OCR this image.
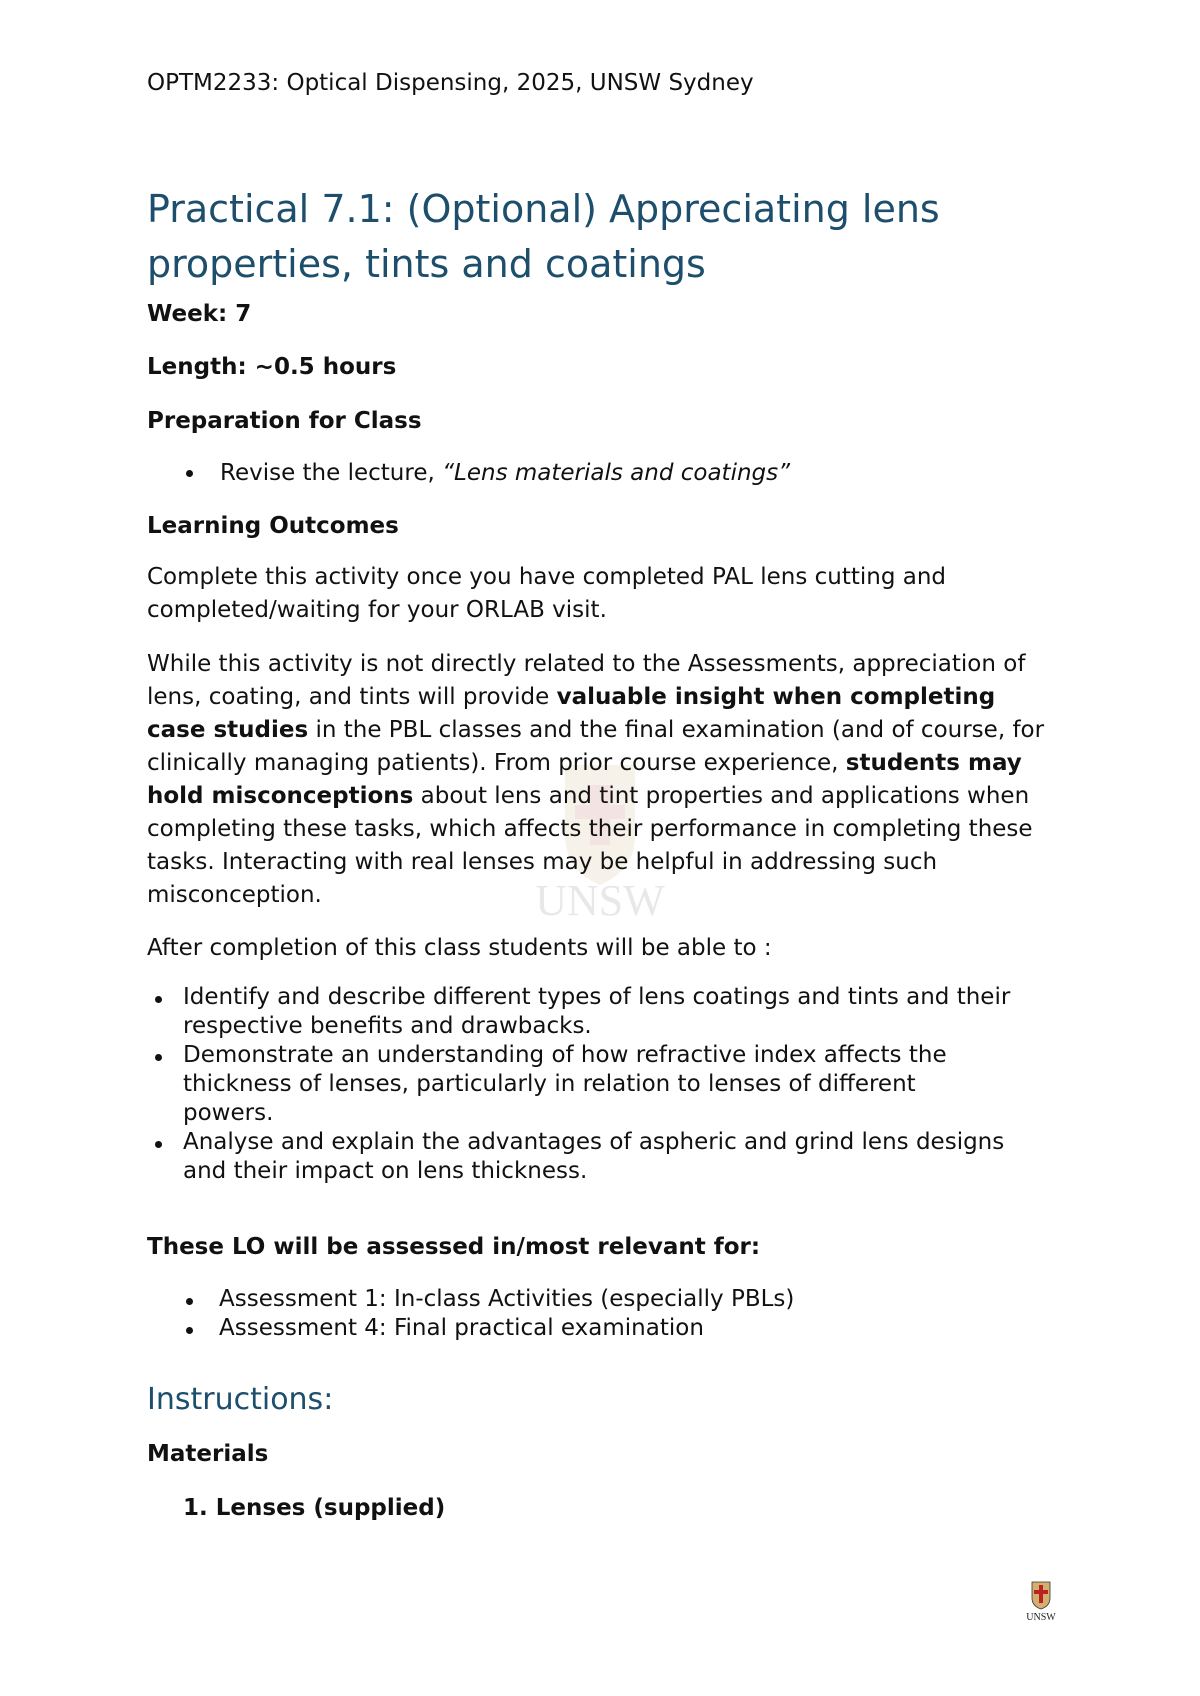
UNSW
OPTM2233: Optical Dispensing, 2025, UNSW Sydney
Practical 7.1: (Optional) Appreciating lens
properties, tints and coatings
Week: 7
Length: ~0.5 hours
Preparation for Class
Revise the lecture, “Lens materials and coatings”
Learning Outcomes

Complete this activity once you have completed PAL lens cutting and completed/waiting for your ORLAB visit.

While this activity is not directly related to the Assessments, appreciation of lens, coating, and tints will provide valuable insight when completing case studies in the PBL classes and the final examination (and of course, for clinically managing patients). From prior course experience, students may hold misconceptions about lens and tint properties and applications when completing these tasks, which affects their performance in completing these tasks. Interacting with real lenses may be helpful in addressing such misconception.

After completion of this class students will be able to :
Identify and describe different types of lens coatings and tints and their
respective benefits and drawbacks.
Demonstrate an understanding of how refractive index affects the
thickness of lenses, particularly in relation to lenses of different
powers.
Analyse and explain the advantages of aspheric and grind lens designs
and their impact on lens thickness.
These LO will be assessed in/most relevant for:
Assessment 1: In-class Activities (especially PBLs)
Assessment 4: Final practical examination
Instructions:
Materials
1. Lenses (supplied)
UNSW
